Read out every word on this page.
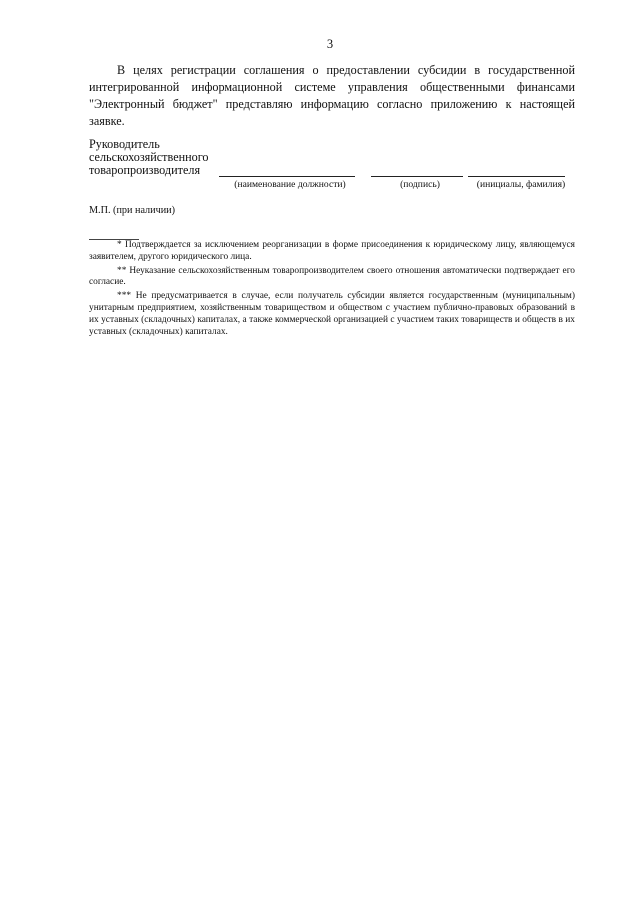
3

В целях регистрации соглашения о предоставлении субсидии в государственной интегрированной информационной системе управления общественными финансами "Электронный бюджет" представляю информацию согласно приложению к настоящей заявке.

Руководитель
сельскохозяйственного
товаропроизводителя
(наименование должности)	(подпись)	(инициалы, фамилия)
М.П. (при наличии)

* Подтверждается за исключением реорганизации в форме присоединения к юридическому лицу, являющемуся заявителем, другого юридического лица.

** Неуказание сельскохозяйственным товаропроизводителем своего отношения автоматически подтверждает его согласие.

*** Не предусматривается в случае, если получатель субсидии является государственным (муниципальным) унитарным предприятием, хозяйственным товариществом и обществом с участием публично-правовых образований в их уставных (складочных) капиталах, а также коммерческой организацией с участием таких товариществ и обществ в их уставных (складочных) капиталах.
